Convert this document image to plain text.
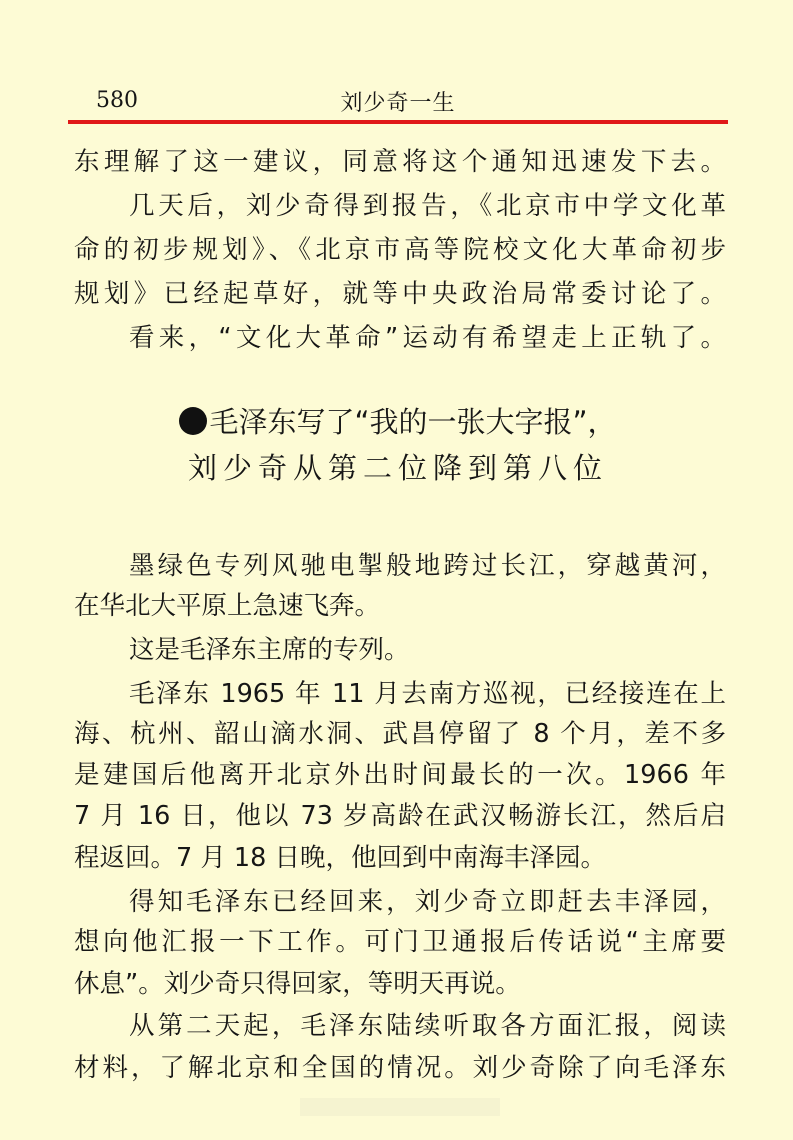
580	刘少奇一生
东理解了这一建议，同意将这个通知迅速发下去。
几天后，刘少奇得到报告，《北京市中学文化革
命的初步规划》、《北京市高等院校文化大革命初步
规划》已经起草好，就等中央政治局常委讨论了。
看来，“文化大革命”运动有希望走上正轨了。
毛泽东写了“我的一张大字报”，
刘少奇从第二位降到第八位
墨绿色专列风驰电掣般地跨过长江，穿越黄河，
在华北大平原上急速飞奔。
这是毛泽东主席的专列。
毛泽东 1965 年 11 月去南方巡视，已经接连在上
海、杭州、韶山滴水洞、武昌停留了 8 个月，差不多
是建国后他离开北京外出时间最长的一次。1966 年
7 月 16 日，他以 73 岁高龄在武汉畅游长江，然后启
程返回。7 月 18 日晚，他回到中南海丰泽园。
得知毛泽东已经回来，刘少奇立即赶去丰泽园，
想向他汇报一下工作。可门卫通报后传话说“主席要
休息”。刘少奇只得回家，等明天再说。
从第二天起，毛泽东陆续听取各方面汇报，阅读
材料，了解北京和全国的情况。刘少奇除了向毛泽东
